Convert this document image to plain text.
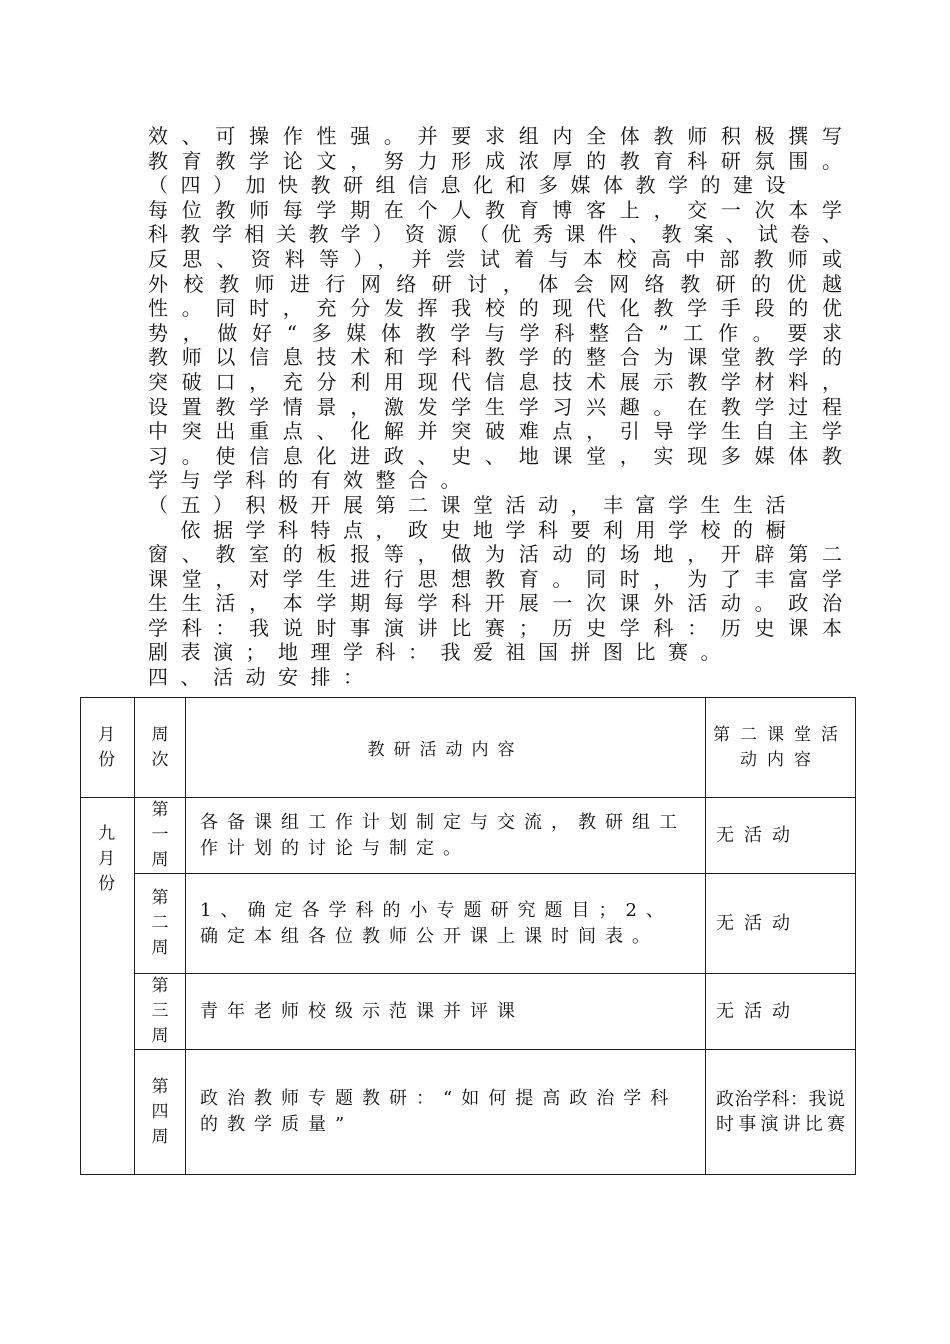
效、可操作性强。并要求组内全体教师积极撰写
教育教学论文，努力形成浓厚的教育科研氛围。
（四）加快教研组信息化和多媒体教学的建设
每位教师每学期在个人教育博客上，交一次本学
科教学相关教学）资源（优秀课件、教案、试卷、
反思、资料等），并尝试着与本校高中部教师或
外校教师进行网络研讨，体会网络教研的优越
性。同时，充分发挥我校的现代化教学手段的优
势，做好“多媒体教学与学科整合”工作。要求
教师以信息技术和学科教学的整合为课堂教学的
突破口，充分利用现代信息技术展示教学材料，
设置教学情景，激发学生学习兴趣。在教学过程
中突出重点、化解并突破难点，引导学生自主学
习。使信息化进政、史、地课堂，实现多媒体教
学与学科的有效整合。
（五）积极开展第二课堂活动，丰富学生生活
　依据学科特点，政史地学科要利用学校的橱
窗、教室的板报等，做为活动的场地，开辟第二
课堂，对学生进行思想教育。同时，为了丰富学
生生活，本学期每学科开展一次课外活动。政治
学科：我说时事演讲比赛；历史学科：历史课本
剧表演；地理学科：我爱祖国拼图比赛。
四、活动安排：
月份	周次	教研活动内容	第二课堂活动内容

九月份	第一周	各备课组工作计划制定与交流，教研组工作计划的讨论与制定。	无活动

	第二周	1、确定各学科的小专题研究题目；2、确定本组各位教师公开课上课时间表。	无活动

	第三周	青年老师校级示范课并评课	无活动

	第四周	政治教师专题教研：“如何提高政治学科的教学质量”	政治学科：我说时事演讲比赛
